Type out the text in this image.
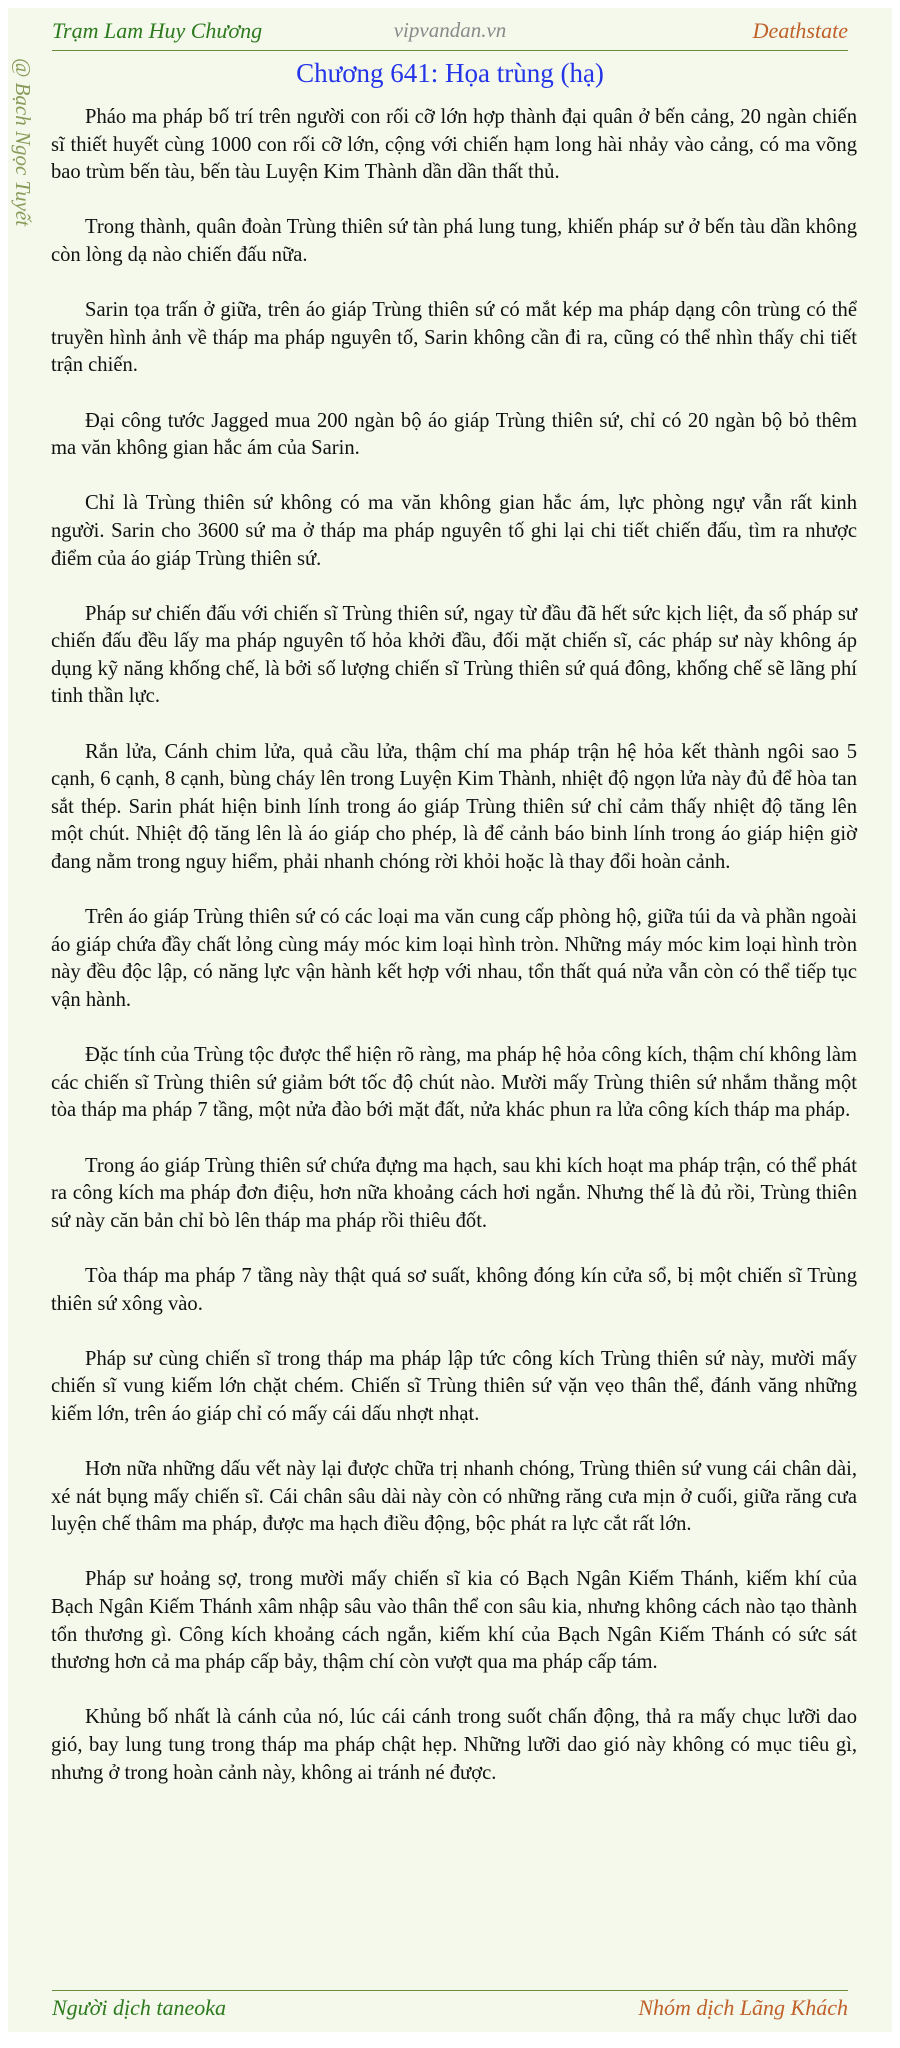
Trạm Lam Huy Chương	vipvandan.vn	Deathstate
@ Bạch Ngọc Tuyết	Chương 641: Họa trùng (hạ)

Pháo ma pháp bố trí trên người con rối cỡ lớn hợp thành đại quân ở bến cảng, 20 ngàn chiến sĩ thiết huyết cùng 1000 con rối cỡ lớn, cộng với chiến hạm long hài nhảy vào cảng, có ma võng bao trùm bến tàu, bến tàu Luyện Kim Thành dần dần thất thủ.

Trong thành, quân đoàn Trùng thiên sứ tàn phá lung tung, khiến pháp sư ở bến tàu dần không còn lòng dạ nào chiến đấu nữa.

Sarin tọa trấn ở giữa, trên áo giáp Trùng thiên sứ có mắt kép ma pháp dạng côn trùng có thể truyền hình ảnh về tháp ma pháp nguyên tố, Sarin không cần đi ra, cũng có thể nhìn thấy chi tiết trận chiến.

Đại công tước Jagged mua 200 ngàn bộ áo giáp Trùng thiên sứ, chỉ có 20 ngàn bộ bỏ thêm ma văn không gian hắc ám của Sarin.

Chỉ là Trùng thiên sứ không có ma văn không gian hắc ám, lực phòng ngự vẫn rất kinh người. Sarin cho 3600 sứ ma ở tháp ma pháp nguyên tố ghi lại chi tiết chiến đấu, tìm ra nhược điểm của áo giáp Trùng thiên sứ.

Pháp sư chiến đấu với chiến sĩ Trùng thiên sứ, ngay từ đầu đã hết sức kịch liệt, đa số pháp sư chiến đấu đều lấy ma pháp nguyên tố hỏa khởi đầu, đối mặt chiến sĩ, các pháp sư này không áp dụng kỹ năng khống chế, là bởi số lượng chiến sĩ Trùng thiên sứ quá đông, khống chế sẽ lãng phí tinh thần lực.

Rắn lửa, Cánh chim lửa, quả cầu lửa, thậm chí ma pháp trận hệ hỏa kết thành ngôi sao 5 cạnh, 6 cạnh, 8 cạnh, bùng cháy lên trong Luyện Kim Thành, nhiệt độ ngọn lửa này đủ để hòa tan sắt thép. Sarin phát hiện binh lính trong áo giáp Trùng thiên sứ chỉ cảm thấy nhiệt độ tăng lên một chút. Nhiệt độ tăng lên là áo giáp cho phép, là để cảnh báo binh lính trong áo giáp hiện giờ đang nằm trong nguy hiểm, phải nhanh chóng rời khỏi hoặc là thay đổi hoàn cảnh.

Trên áo giáp Trùng thiên sứ có các loại ma văn cung cấp phòng hộ, giữa túi da và phần ngoài áo giáp chứa đầy chất lỏng cùng máy móc kim loại hình tròn. Những máy móc kim loại hình tròn này đều độc lập, có năng lực vận hành kết hợp với nhau, tổn thất quá nửa vẫn còn có thể tiếp tục vận hành.

Đặc tính của Trùng tộc được thể hiện rõ ràng, ma pháp hệ hỏa công kích, thậm chí không làm các chiến sĩ Trùng thiên sứ giảm bớt tốc độ chút nào. Mười mấy Trùng thiên sứ nhắm thẳng một tòa tháp ma pháp 7 tầng, một nửa đào bới mặt đất, nửa khác phun ra lửa công kích tháp ma pháp.

Trong áo giáp Trùng thiên sứ chứa đựng ma hạch, sau khi kích hoạt ma pháp trận, có thể phát ra công kích ma pháp đơn điệu, hơn nữa khoảng cách hơi ngắn. Nhưng thế là đủ rồi, Trùng thiên sứ này căn bản chỉ bò lên tháp ma pháp rồi thiêu đốt.

Tòa tháp ma pháp 7 tầng này thật quá sơ suất, không đóng kín cửa sổ, bị một chiến sĩ Trùng thiên sứ xông vào.

Pháp sư cùng chiến sĩ trong tháp ma pháp lập tức công kích Trùng thiên sứ này, mười mấy chiến sĩ vung kiếm lớn chặt chém. Chiến sĩ Trùng thiên sứ vặn vẹo thân thể, đánh văng những kiếm lớn, trên áo giáp chỉ có mấy cái dấu nhợt nhạt.

Hơn nữa những dấu vết này lại được chữa trị nhanh chóng, Trùng thiên sứ vung cái chân dài, xé nát bụng mấy chiến sĩ. Cái chân sâu dài này còn có những răng cưa mịn ở cuối, giữa răng cưa luyện chế thâm ma pháp, được ma hạch điều động, bộc phát ra lực cắt rất lớn.

Pháp sư hoảng sợ, trong mười mấy chiến sĩ kia có Bạch Ngân Kiếm Thánh, kiếm khí của Bạch Ngân Kiếm Thánh xâm nhập sâu vào thân thể con sâu kia, nhưng không cách nào tạo thành tổn thương gì. Công kích khoảng cách ngắn, kiếm khí của Bạch Ngân Kiếm Thánh có sức sát thương hơn cả ma pháp cấp bảy, thậm chí còn vượt qua ma pháp cấp tám.

Khủng bố nhất là cánh của nó, lúc cái cánh trong suốt chấn động, thả ra mấy chục lưỡi dao gió, bay lung tung trong tháp ma pháp chật hẹp. Những lưỡi dao gió này không có mục tiêu gì, nhưng ở trong hoàn cảnh này, không ai tránh né được.

Người dịch taneoka	Nhóm dịch Lãng Khách
